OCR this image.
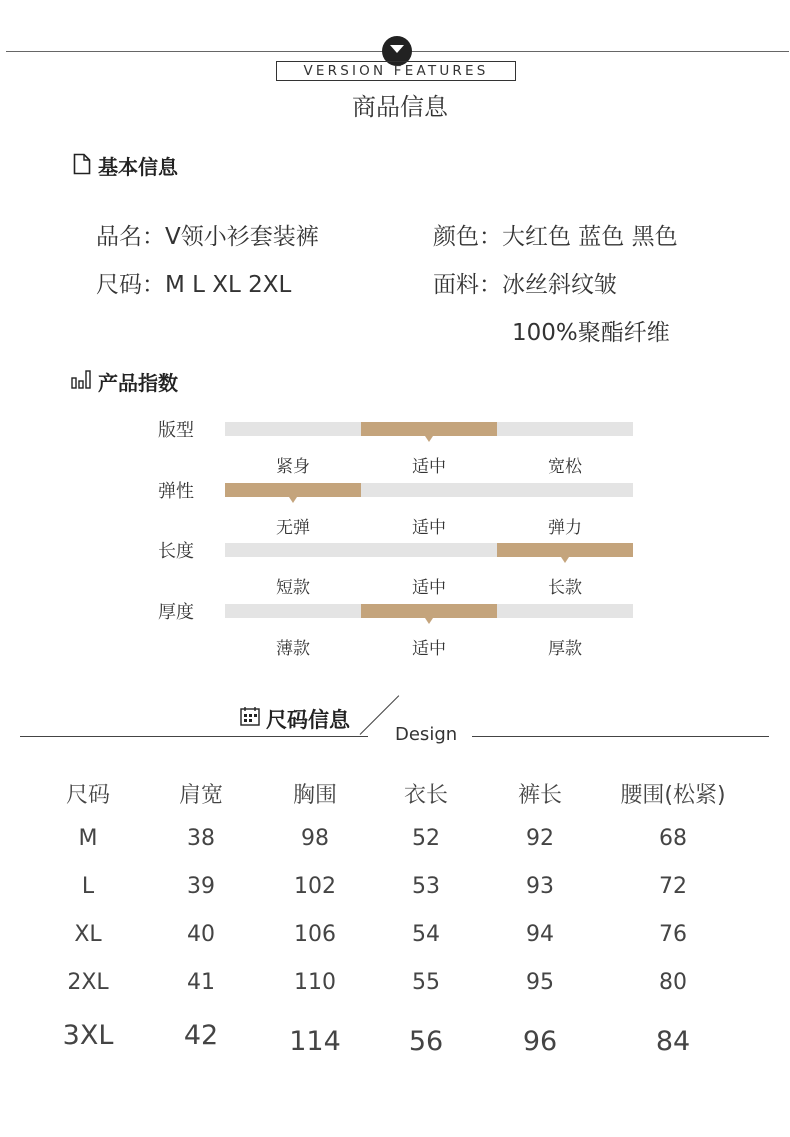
VERSION FEATURES
商品信息
基本信息
品名：V领小衫套装裤	颜色：大红色 蓝色 黑色
尺码：M L XL 2XL	面料：冰丝斜纹皱
100%聚酯纤维
产品指数
版型
紧身	适中	宽松
弹性
无弹	适中	弹力
长度
短款	适中	长款
厚度
薄款	适中	厚款
尺码信息
Design
尺码	肩宽	胸围	衣长	裤长	腰围(松紧)
M	38	98	52	92	68
L	39	102	53	93	72
XL	40	106	54	94	76
2XL	41	110	55	95	80
3XL	42	114	56	96	84
